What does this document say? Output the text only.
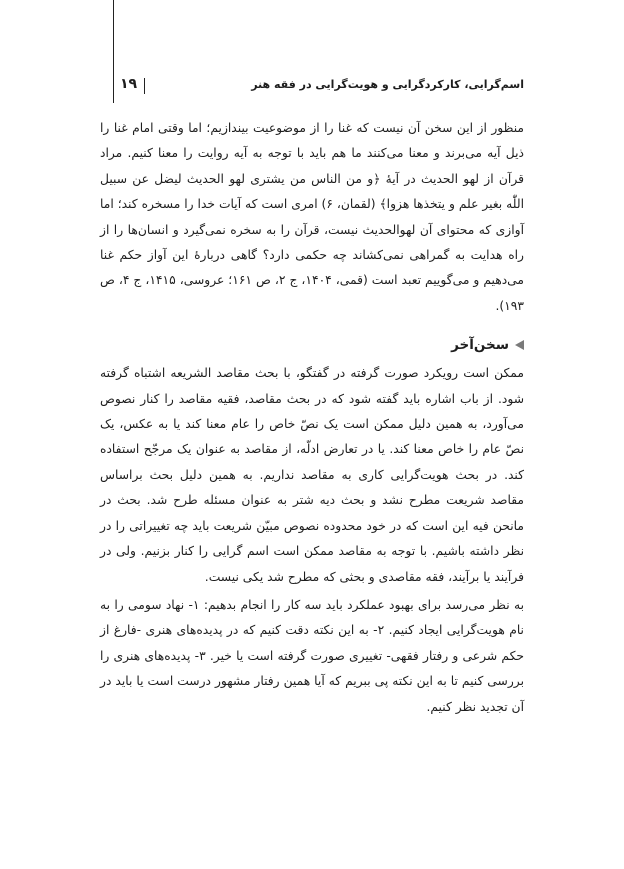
اسم‌گرایی، کارکردگرایی و هویت‌گرایی در فقه هنر
۱۹

منظور از این سخن آن نیست که غنا را از موضوعیت بیندازیم؛ اما وقتی امام غنا را ذیل آیه می‌برند و معنا می‌کنند ما هم باید با توجه به آیه روایت را معنا کنیم. مراد قرآن از لهو الحدیث در آیهٔ ﴿و من الناس من یشتری لهو الحدیث لیضل عن سبیل اللّٰه بغیر علم و یتخذها هزوا﴾ (لقمان، ۶) امری است که آیات خدا را مسخره کند؛ اما آوازی که محتوای آن لهوالحدیث نیست، قرآن را به سخره نمی‌گیرد و انسان‌ها را از راه هدایت به گمراهی نمی‌کشاند چه حکمی دارد؟ گاهی دربارهٔ این آواز حکم غنا می‌دهیم و می‌گوییم تعبد است (قمی، ۱۴۰۴، ج ۲، ص ۱۶۱؛ عروسی، ۱۴۱۵، ج ۴، ص ۱۹۳).

سخن‌آخر

ممکن است رویکرد صورت گرفته در گفتگو، با بحث مقاصد الشریعه اشتباه گرفته شود. از باب اشاره باید گفته شود که در بحث مقاصد، فقیه مقاصد را کنار نصوص می‌آورد، به همین دلیل ممکن است یک نصّ خاص را عام معنا کند یا به عکس، یک نصّ عام را خاص معنا کند. یا در تعارض ادلّه، از مقاصد به عنوان یک مرجّح استفاده کند. در بحث هویت‌گرایی کاری به مقاصد نداریم. به همین دلیل بحث براساس مقاصد شریعت مطرح نشد و بحث دیه شتر به عنوان مسئله طرح شد. بحث در مانحن فیه این است که در خود محدوده نصوص مبیّن شریعت باید چه تغییراتی را در نظر داشته باشیم. با توجه به مقاصد ممکن است اسم گرایی را کنار بزنیم. ولی در فرآیند یا برآیند، فقه مقاصدی و بحثی که مطرح شد یکی نیست.

به نظر می‌رسد برای بهبود عملکرد باید سه کار را انجام بدهیم: ۱- نهاد سومی را به نام هویت‌گرایی ایجاد کنیم. ۲- به این نکته دقت کنیم که در پدیده‌های هنری -فارغ از حکم شرعی و رفتار فقهی- تغییری صورت گرفته است یا خیر. ۳- پدیده‌های هنری را بررسی کنیم تا به این نکته پی ببریم که آیا همین رفتار مشهور درست است یا باید در آن تجدید نظر کنیم.
